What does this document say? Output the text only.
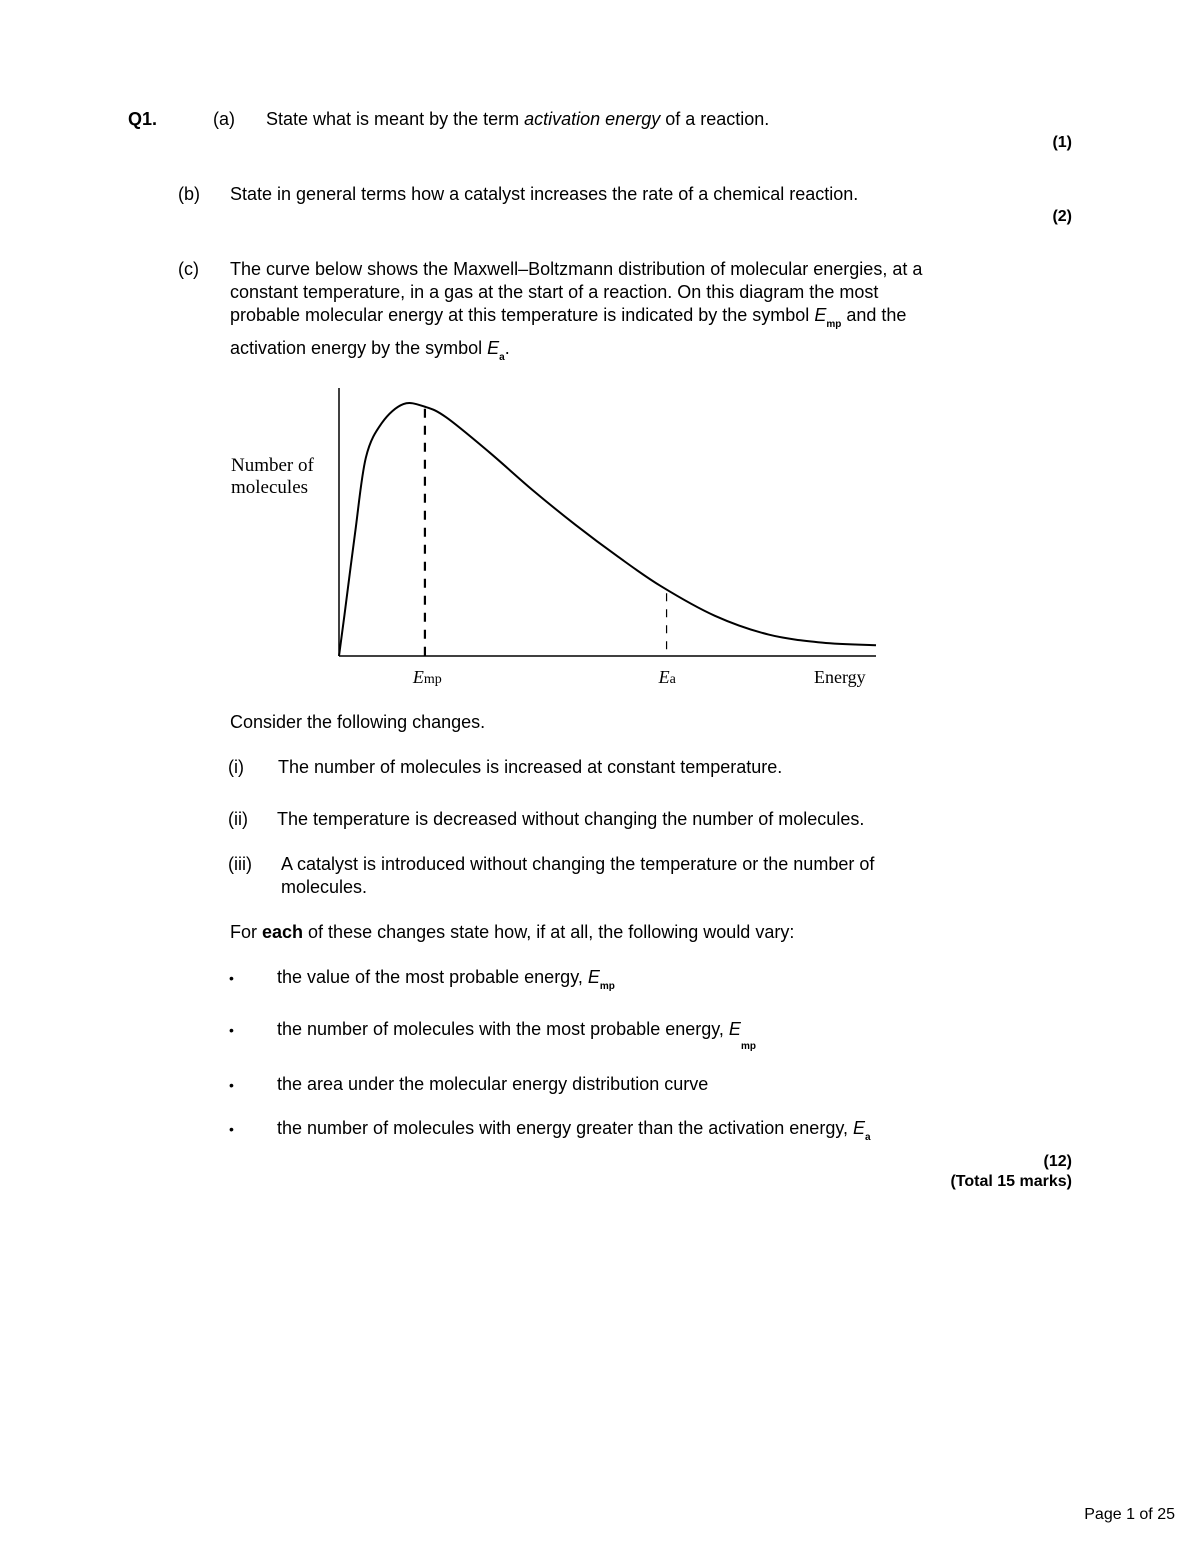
Q1.	(a) State what is meant by the term activation energy of a reaction.
(1)
(b) State in general terms how a catalyst increases the rate of a chemical reaction.
(2)
(c) The curve below shows the Maxwell–Boltzmann distribution of molecular energies, at a
constant temperature, in a gas at the start of a reaction. On this diagram the most
probable molecular energy at this temperature is indicated by the symbol $E_{mp}$ and the
activation energy by the symbol $E_a$.
Number of
molecules
Emp	Ea	Energy
Consider the following changes.
(i) The number of molecules is increased at constant temperature.
(ii) The temperature is decreased without changing the number of molecules.
(iii) A catalyst is introduced without changing the temperature or the number of
molecules.
For each of these changes state how, if at all, the following would vary:
• the value of the most probable energy, $E_{mp}$
• the number of molecules with the most probable energy, $E_{mp}$
• the area under the molecular energy distribution curve
• the number of molecules with energy greater than the activation energy, $E_a$
(12)
(Total 15 marks)
Page 1 of 25
